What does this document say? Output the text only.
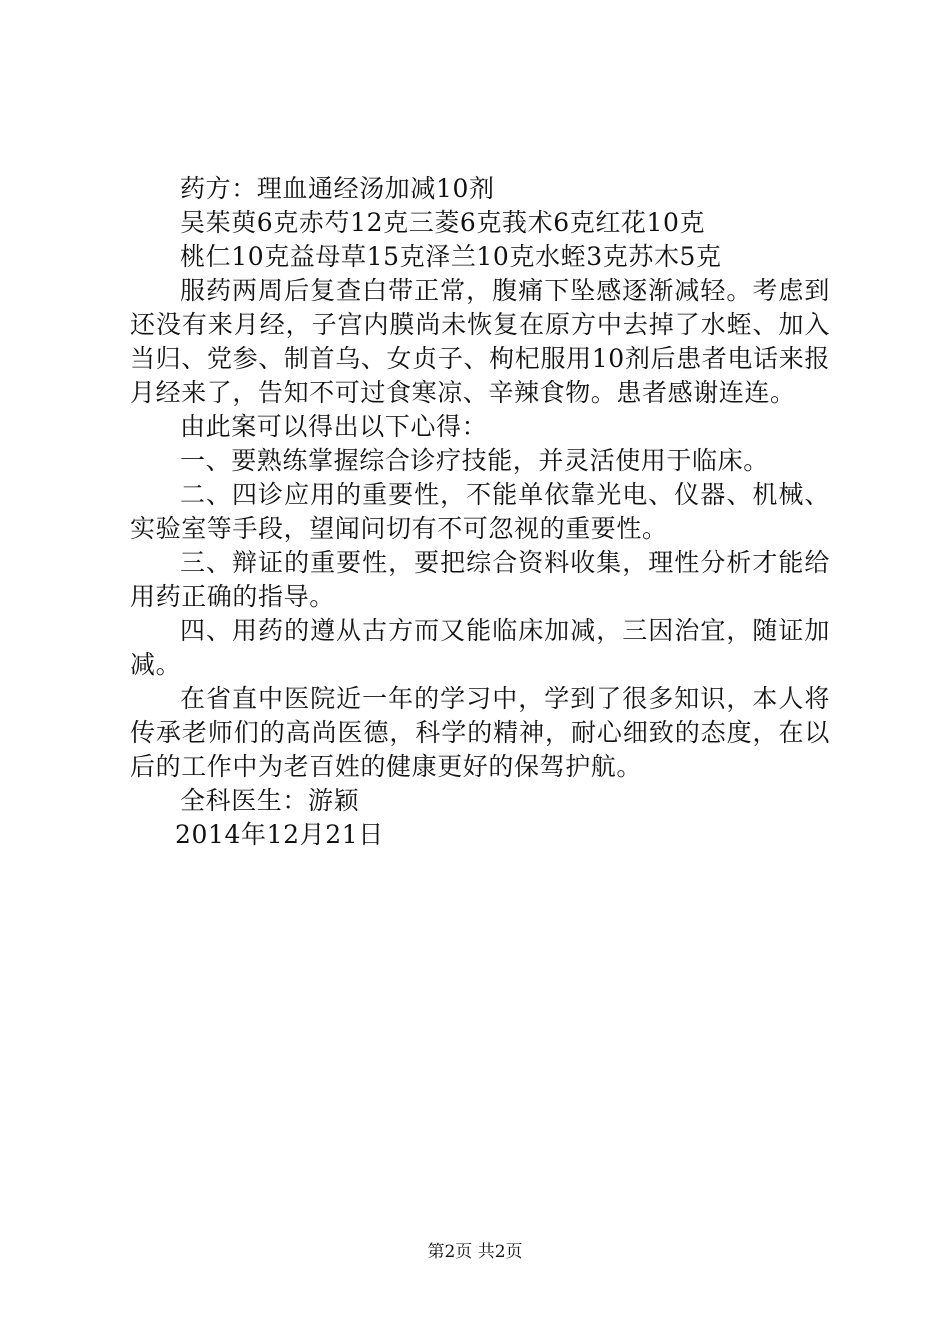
药方：理血通经汤加减10剂

吴茱萸6克赤芍12克三菱6克莪术6克红花10克

桃仁10克益母草15克泽兰10克水蛭3克苏木5克

服药两周后复查白带正常，腹痛下坠感逐渐减轻。考虑到还没有来月经，子宫内膜尚未恢复在原方中去掉了水蛭、加入当归、党参、制首乌、女贞子、枸杞服用10剂后患者电话来报月经来了，告知不可过食寒凉、辛辣食物。患者感谢连连。

由此案可以得出以下心得：

一、要熟练掌握综合诊疗技能，并灵活使用于临床。

二、四诊应用的重要性，不能单依靠光电、仪器、机械、实验室等手段，望闻问切有不可忽视的重要性。

三、辩证的重要性，要把综合资料收集，理性分析才能给用药正确的指导。

四、用药的遵从古方而又能临床加减，三因治宜，随证加减。

在省直中医院近一年的学习中，学到了很多知识，本人将传承老师们的高尚医德，科学的精神，耐心细致的态度，在以后的工作中为老百姓的健康更好的保驾护航。

全科医生：游颖

2014年12月21日

第2页 共2页
